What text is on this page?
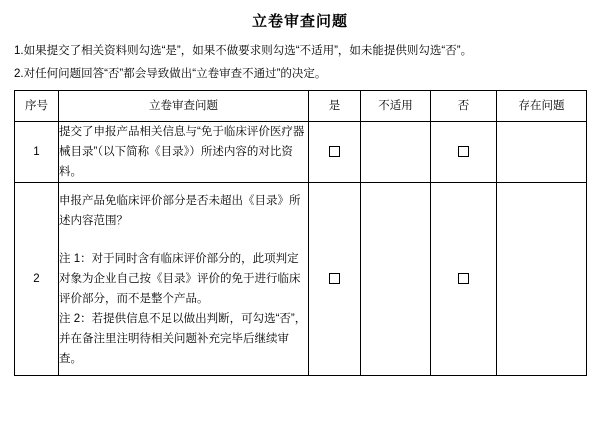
立卷审查问题
1.如果提交了相关资料则勾选“是”，如果不做要求则勾选“不适用”，如未能提供则勾选“否”。
2.对任何问题回答“否”都会导致做出“立卷审查不通过”的决定。
序号	立卷审查问题	是	不适用	否	存在问题
1	提交了申报产品相关信息与“免于临床评价医疗器械目录”（以下简称《目录》）所述内容的对比资料。				

2	申报产品免临床评价部分是否未超出《目录》所述内容范围？

注 1：对于同时含有临床评价部分的，此项判定对象为企业自己按《目录》评价的免于进行临床评价部分，而不是整个产品。

注 2：若提供信息不足以做出判断，可勾选“否”，并在备注里注明待相关问题补充完毕后继续审查。				
